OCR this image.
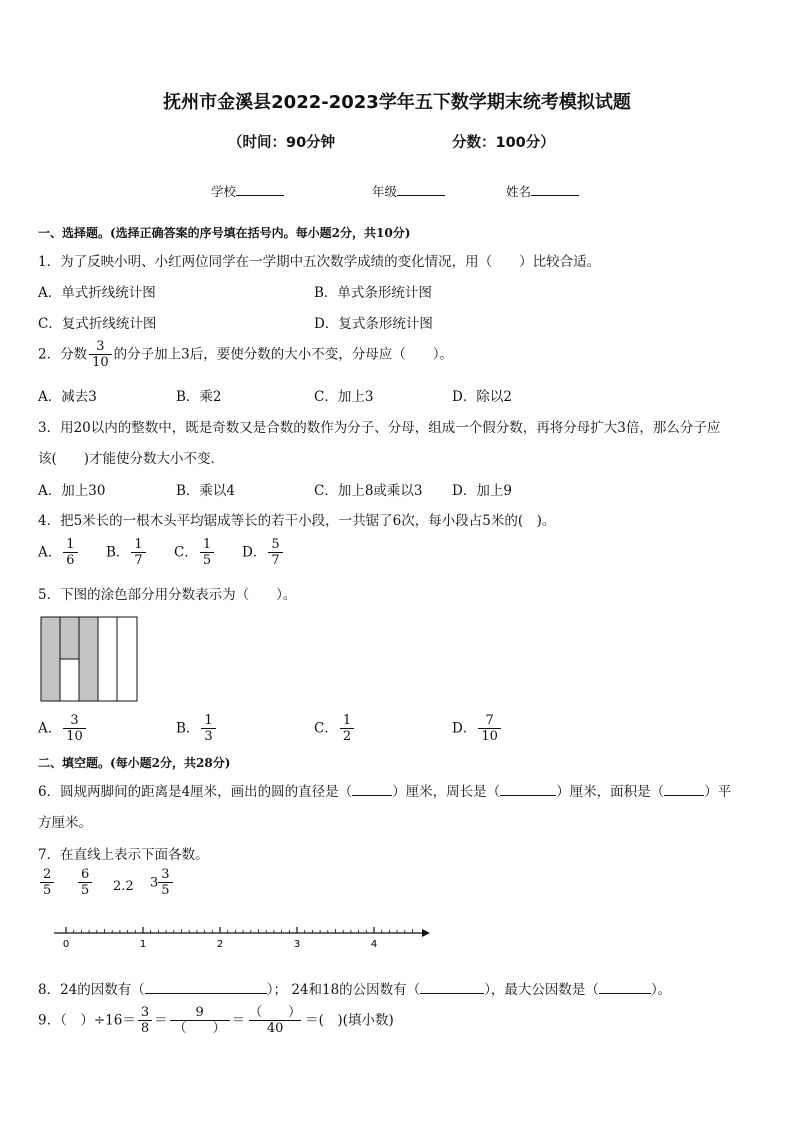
抚州市金溪县2022-2023学年五下数学期末统考模拟试题
（时间：90分钟	分数：100分）
学校	年级	姓名
一、选择题。(选择正确答案的序号填在括号内。每小题2分，共10分)
1．为了反映小明、小红两位同学在一学期中五次数学成绩的变化情况，用（　　）比较合适。
A．单式折线统计图	B．单式条形统计图
C．复式折线统计图	D．复式条形统计图
2．分数 $\frac{3}{10}$ 的分子加上3后，要使分数的大小不变，分母应（　　）。
A．减去3	B．乘2	C．加上3	D．除以2
3．用20以内的整数中，既是奇数又是合数的数作为分子、分母，组成一个假分数，再将分母扩大3倍，那么分子应
该(　　)才能使分数大小不变．
A．加上30	B．乘以4	C．加上8或乘以3 D．加上9
4．把5米长的一根木头平均锯成等长的若干小段，一共锯了6次，每小段占5米的(　)。
A． $\frac{1}{6}$ B． $\frac{1}{7}$ C． $\frac{1}{5}$ D． $\frac{5}{7}$
5．下图的涂色部分用分数表示为（　　）。
A． $\frac{3}{10}$	B． $\frac{1}{3}$	C． $\frac{1}{2}$	D． $\frac{7}{10}$
二、填空题。(每小题2分，共28分)
6．圆规两脚间的距离是4厘米，画出的圆的直径是（	）厘米，周长是（	）厘米，面积是（	）平
方厘米。
7．在直线上表示下面各数。
$\frac{2}{5} \frac{6}{5} 2.2$ $3 \frac{3}{5}$
0	1	2	3	4
8．24的因数有（	）； 24和18的公因数有（	），最大公因数是（	）。
9．（　）$\div 16= \frac{3}{8} = \frac{9}{( )} = \frac{( )}{40}$ ＝(　)(填小数)
